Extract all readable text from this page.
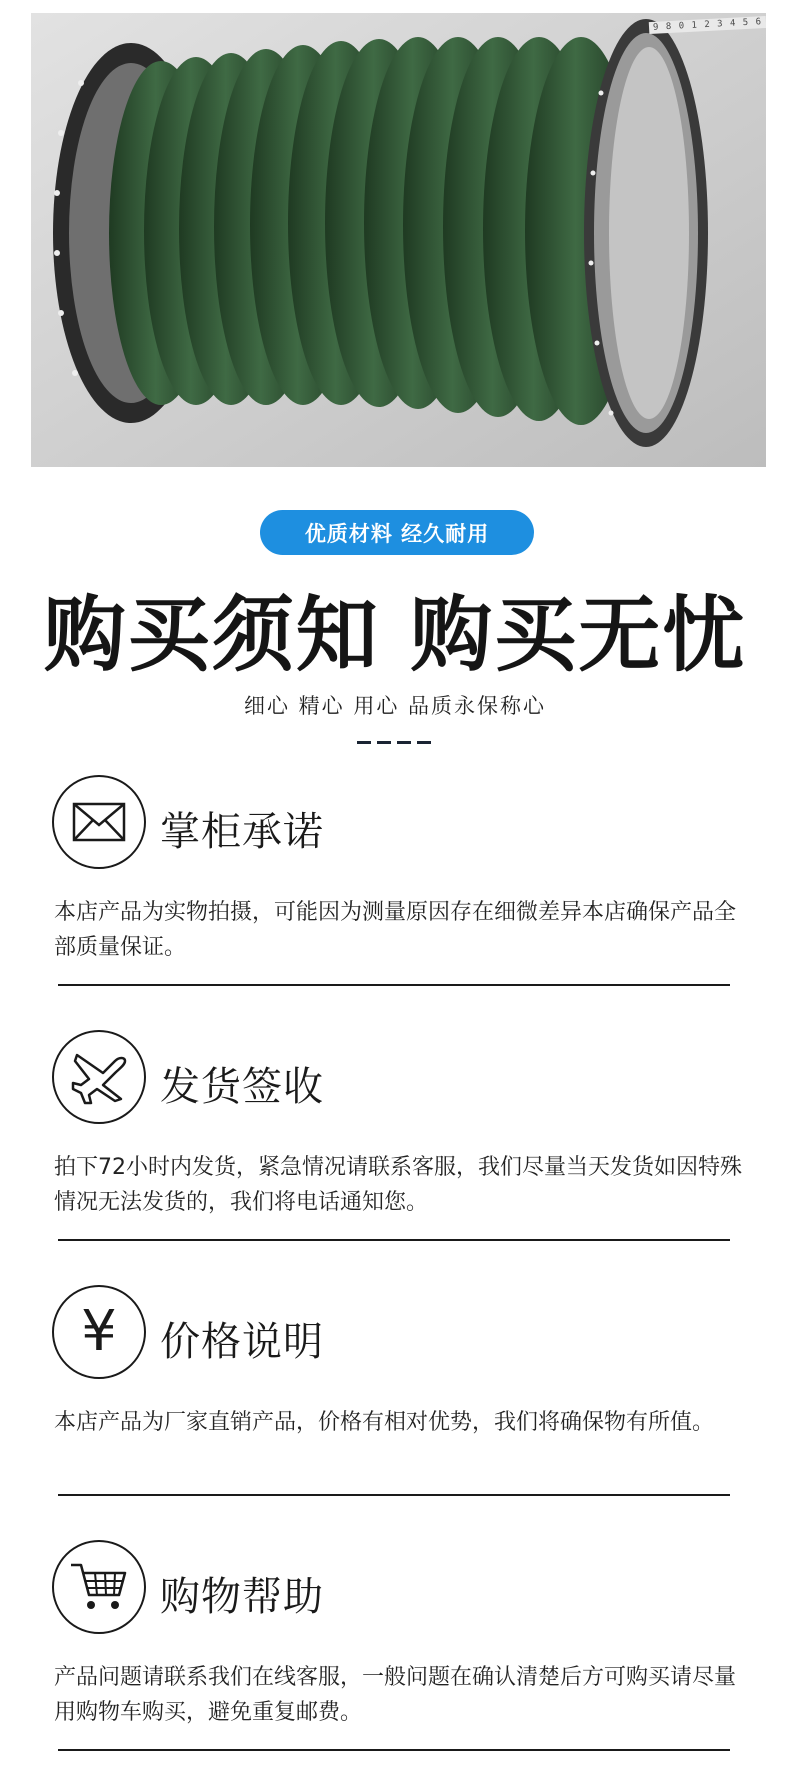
9 8 0 1 2 3 4 5 6
优质材料 经久耐用
购买须知 购买无忧
细心 精心 用心 品质永保称心
掌柜承诺
本店产品为实物拍摄，可能因为测量原因存在细微差异本店确保产品全部质量保证。
发货签收
拍下72小时内发货，紧急情况请联系客服，我们尽量当天发货如因特殊情况无法发货的，我们将电话通知您。
¥ 价格说明
本店产品为厂家直销产品，价格有相对优势，我们将确保物有所值。
购物帮助
产品问题请联系我们在线客服，一般问题在确认清楚后方可购买请尽量用购物车购买，避免重复邮费。
